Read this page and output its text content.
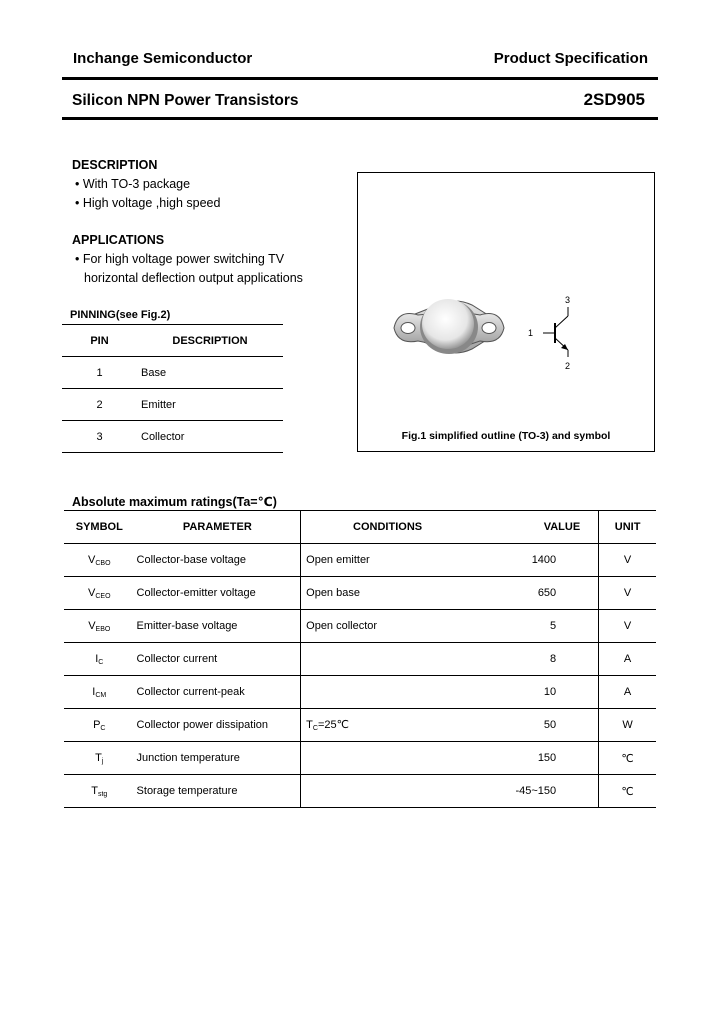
Inchange Semiconductor	Product Specification
Silicon NPN Power Transistors	2SD905
DESCRIPTION
• With TO-3 package
• High voltage ,high speed
APPLICATIONS
• For high voltage power switching TV
horizontal deflection output applications
PINNING(see Fig.2)
PIN	DESCRIPTION
1	Base
2	Emitter
3	Collector
1
2
3
Fig.1 simplified outline (TO-3) and symbol
Absolute maximum ratings(Ta=℃)
SYMBOL	PARAMETER	CONDITIONS	VALUE	UNIT
$V_{CBO}$	Collector-base voltage	Open emitter	1400	V
$V_{CEO}$	Collector-emitter voltage	Open base	650	V
$V_{EBO}$	Emitter-base voltage	Open collector	5	V
$I_C$	Collector current		8	A
$I_{CM}$	Collector current-peak		10	A
$P_C$	Collector power dissipation	$T_C=25℃$	50	W
$T_j$	Junction temperature		150	℃
$T_{stg}$	Storage temperature		-45~150	℃
